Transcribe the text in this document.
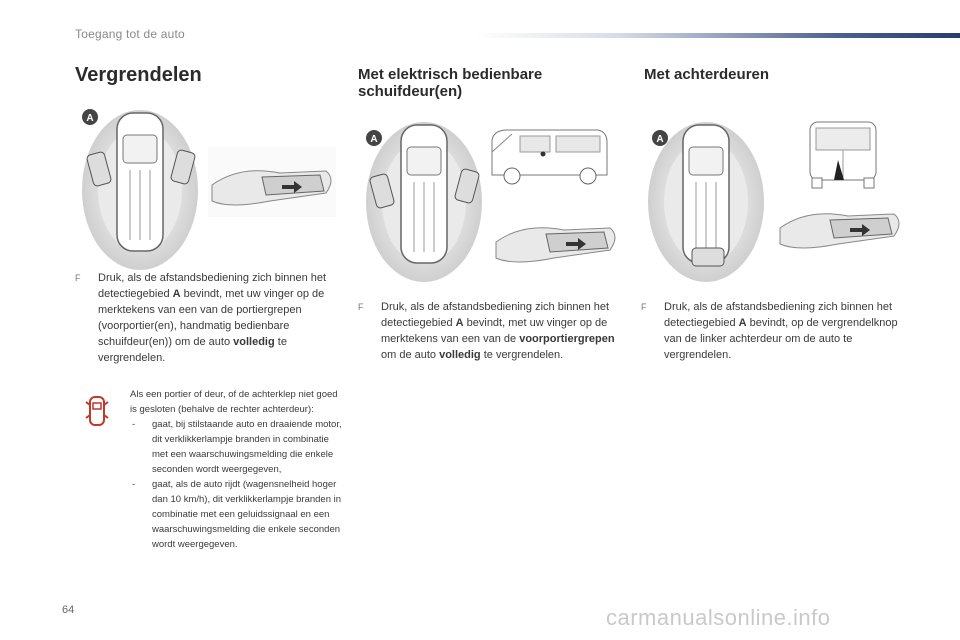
Toegang tot de auto
Vergrendelen	Met elektrisch bedienbare schuifdeur(en)
Met achterdeuren
A
A	A
F Druk, als de afstandsbediening zich binnen het detectiegebied A bevindt, met uw vinger op de merktekens van een van de portiergrepen (voorportier(en), handmatig bedienbare schuifdeur(en)) om de auto volledig te vergrendelen.
F Druk, als de afstandsbediening zich binnen het detectiegebied A bevindt, met uw vinger op de merktekens van een van de voorportiergrepen om de auto volledig te vergrendelen.
F Druk, als de afstandsbediening zich binnen het detectiegebied A bevindt, op de vergrendelknop van de linker achterdeur om de auto te vergrendelen.
Als een portier of deur, of de achterklep niet goed is gesloten (behalve de rechter achterdeur):
- gaat, bij stilstaande auto en draaiende motor, dit verklikkerlampje branden in combinatie met een waarschuwingsmelding die enkele seconden wordt weergegeven,
- gaat, als de auto rijdt (wagensnelheid hoger dan 10 km/h), dit verklikkerlampje branden in combinatie met een geluidssignaal en een waarschuwingsmelding die enkele seconden wordt weergegeven.
64	carmanualsonline.info
